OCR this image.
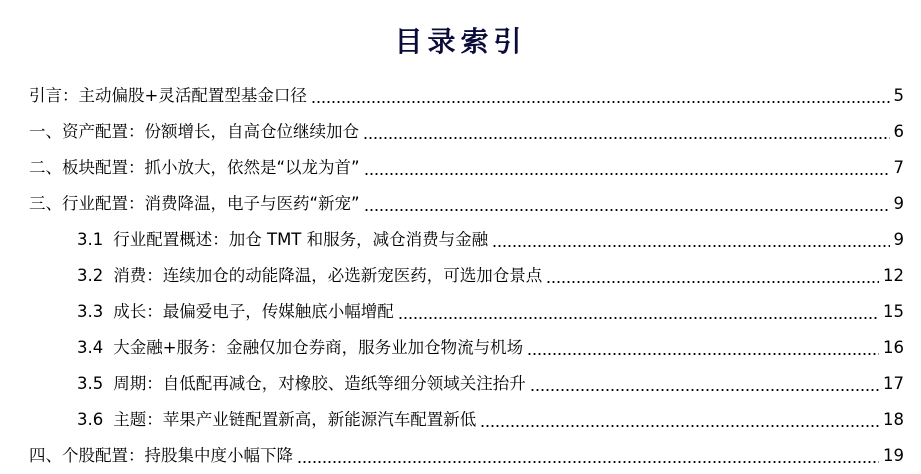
目录索引
引言：主动偏股+灵活配置型基金口径	5
一、资产配置：份额增长，自高仓位继续加仓	6
二、板块配置：抓小放大，依然是“以龙为首”	7
三、行业配置：消费降温，电子与医药“新宠”	9
3.1 行业配置概述：加仓 TMT 和服务，减仓消费与金融	9
3.2 消费：连续加仓的动能降温，必选新宠医药，可选加仓景点	12
3.3 成长：最偏爱电子，传媒触底小幅增配	15
3.4 大金融+服务：金融仅加仓券商，服务业加仓物流与机场	16
3.5 周期：自低配再减仓，对橡胶、造纸等细分领域关注抬升	17
3.6 主题：苹果产业链配置新高，新能源汽车配置新低	18
四、个股配置：持股集中度小幅下降	19
